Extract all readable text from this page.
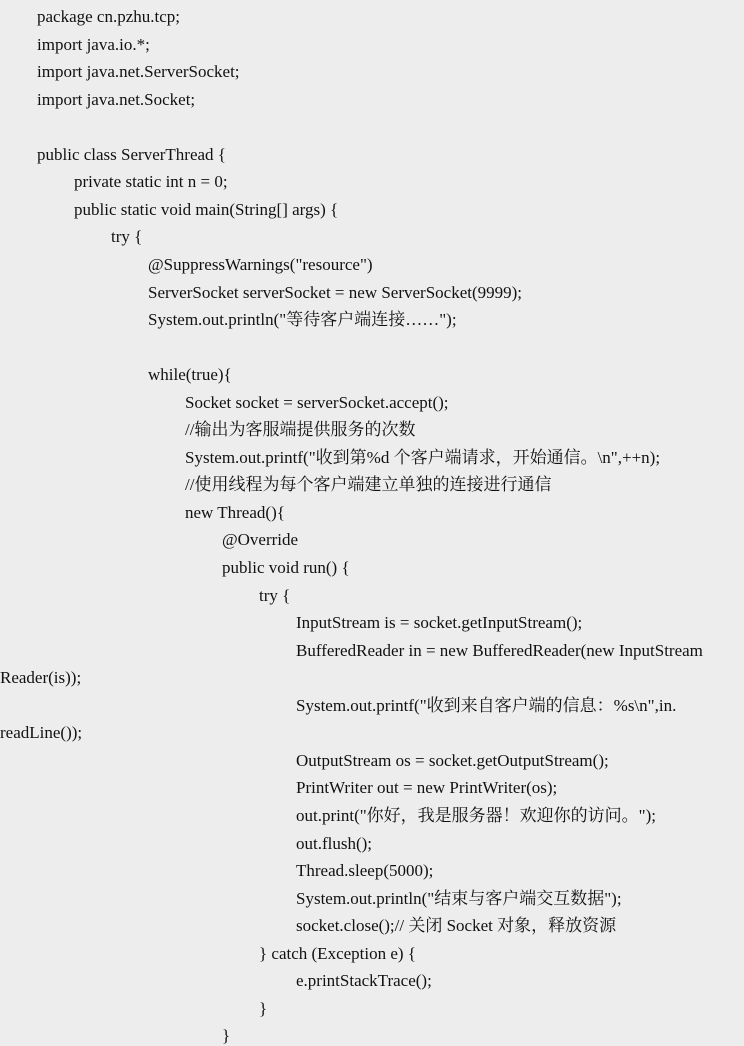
package cn.pzhu.tcp;
import java.io.*;
import java.net.ServerSocket;
import java.net.Socket;
public class ServerThread {
private static int n = 0;
public static void main(String[] args) {
try {
@SuppressWarnings("resource")
ServerSocket serverSocket = new ServerSocket(9999);
System.out.println("等待客户端连接……");
while(true){
Socket socket = serverSocket.accept();
//输出为客服端提供服务的次数
System.out.printf("收到第%d 个客户端请求，开始通信。\n",++n);
//使用线程为每个客户端建立单独的连接进行通信
new Thread(){
@Override
public void run() {
try {
InputStream is = socket.getInputStream();
BufferedReader in = new BufferedReader(new InputStream
Reader(is));
System.out.printf("收到来自客户端的信息：%s\n",in.
readLine());
OutputStream os = socket.getOutputStream();
PrintWriter out = new PrintWriter(os);
out.print("你好，我是服务器！欢迎你的访问。");
out.flush();
Thread.sleep(5000);
System.out.println("结束与客户端交互数据");
socket.close();// 关闭 Socket 对象，释放资源
} catch (Exception e) {
e.printStackTrace();
}
}
